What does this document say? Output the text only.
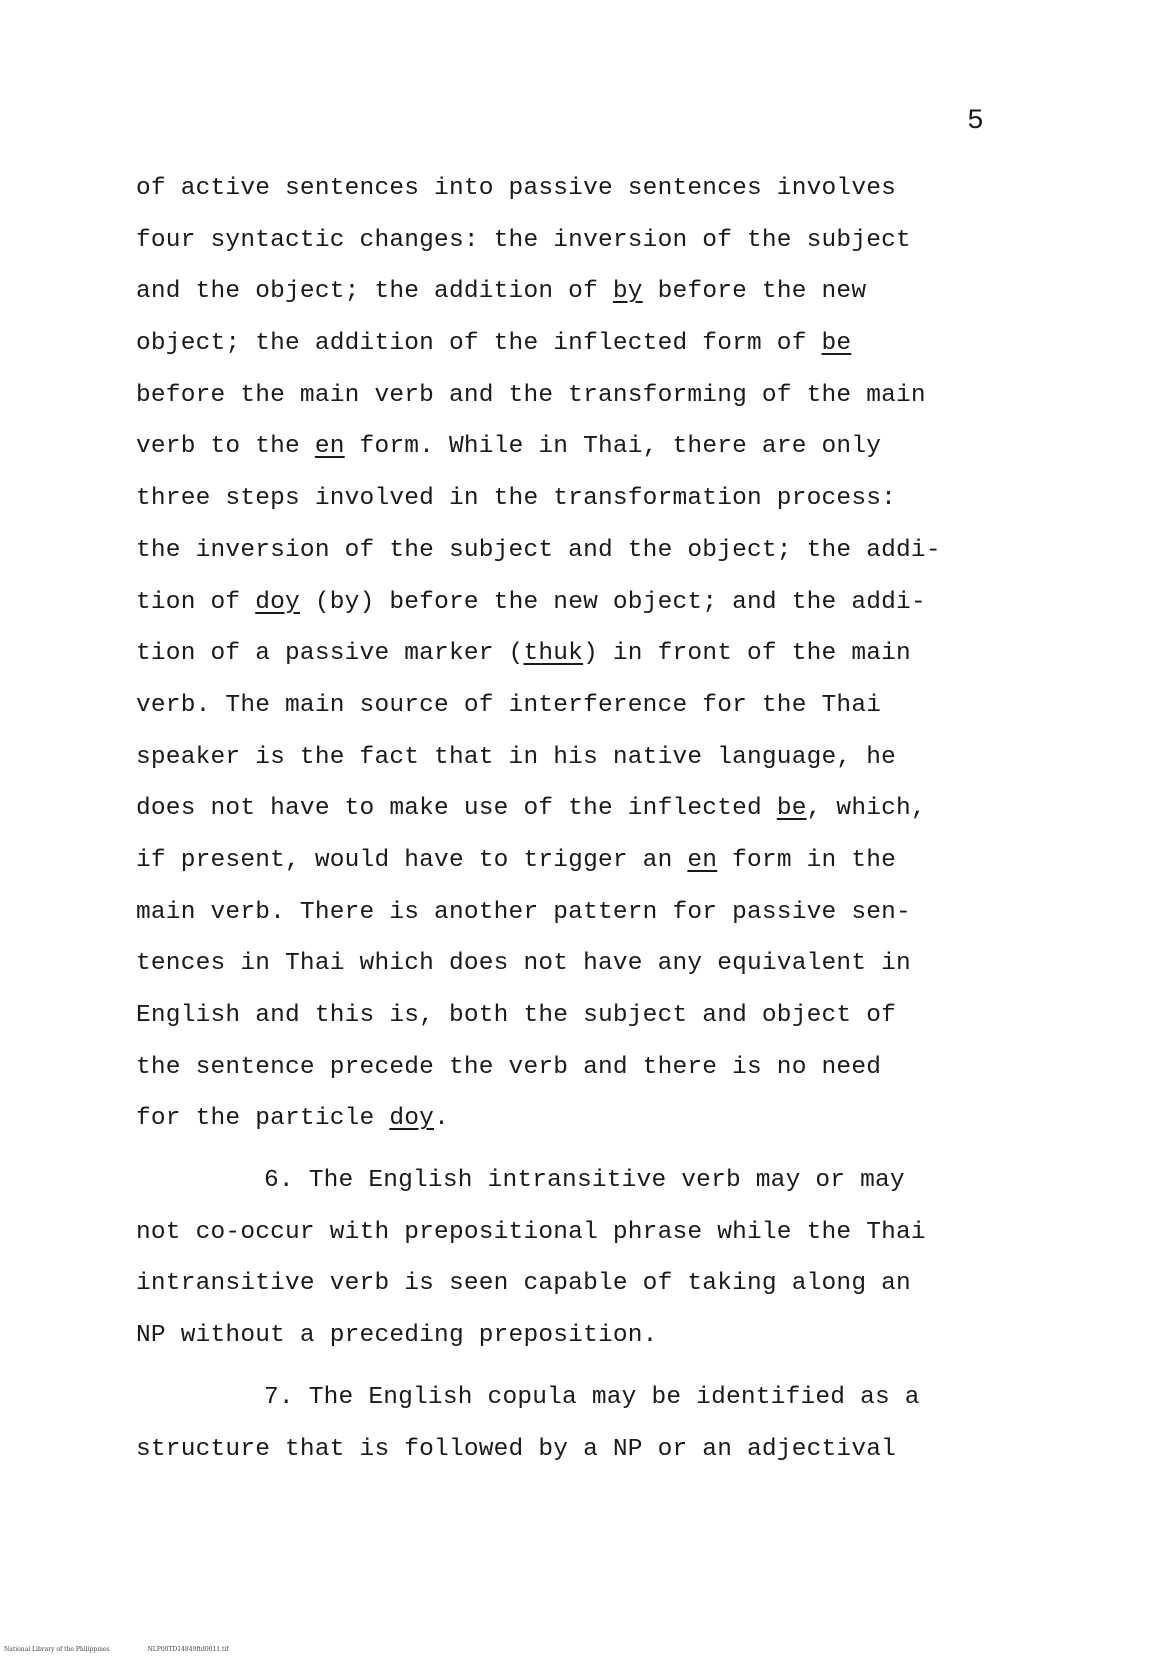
5
of active sentences into passive sentences involves
four syntactic changes: the inversion of the subject
and the object; the addition of by before the new
object; the addition of the inflected form of be
before the main verb and the transforming of the main
verb to the en form. While in Thai, there are only
three steps involved in the transformation process:
the inversion of the subject and the object; the addi-
tion of doy (by) before the new object; and the addi-
tion of a passive marker (thuk) in front of the main
verb. The main source of interference for the Thai
speaker is the fact that in his native language, he
does not have to make use of the inflected be, which,
if present, would have to trigger an en form in the
main verb. There is another pattern for passive sen-
tences in Thai which does not have any equivalent in
English and this is, both the subject and object of
the sentence precede the verb and there is no need
for the particle doy.
6. The English intransitive verb may or may
not co-occur with prepositional phrase while the Thai
intransitive verb is seen capable of taking along an
NP without a preceding preposition.
7. The English copula may be identified as a
structure that is followed by a NP or an adjectival
National Library of the Philippines	NLP00TD14849ftd0011.tif
